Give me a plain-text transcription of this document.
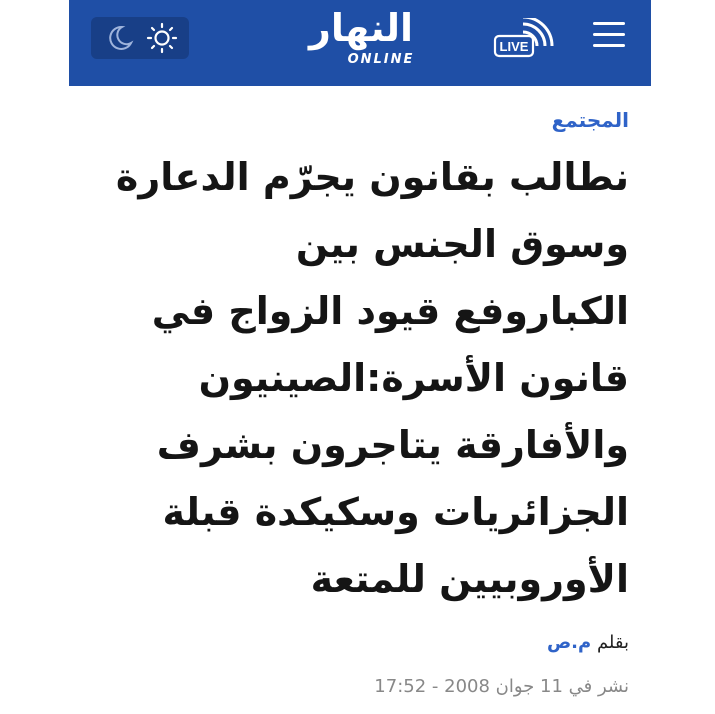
النهار
ONLINE
LIVE
المجتمع
نطالب بقانون يجرّم الدعارة
وسوق الجنس بين
الكباروفع قيود الزواج في
قانون الأسرة:الصينيون
والأفارقة يتاجرون بشرف
الجزائريات وسكيكدة قبلة
الأوروبيين للمتعة
بقلم م.ص
نشر في 11 جوان 2008 - 17:52
